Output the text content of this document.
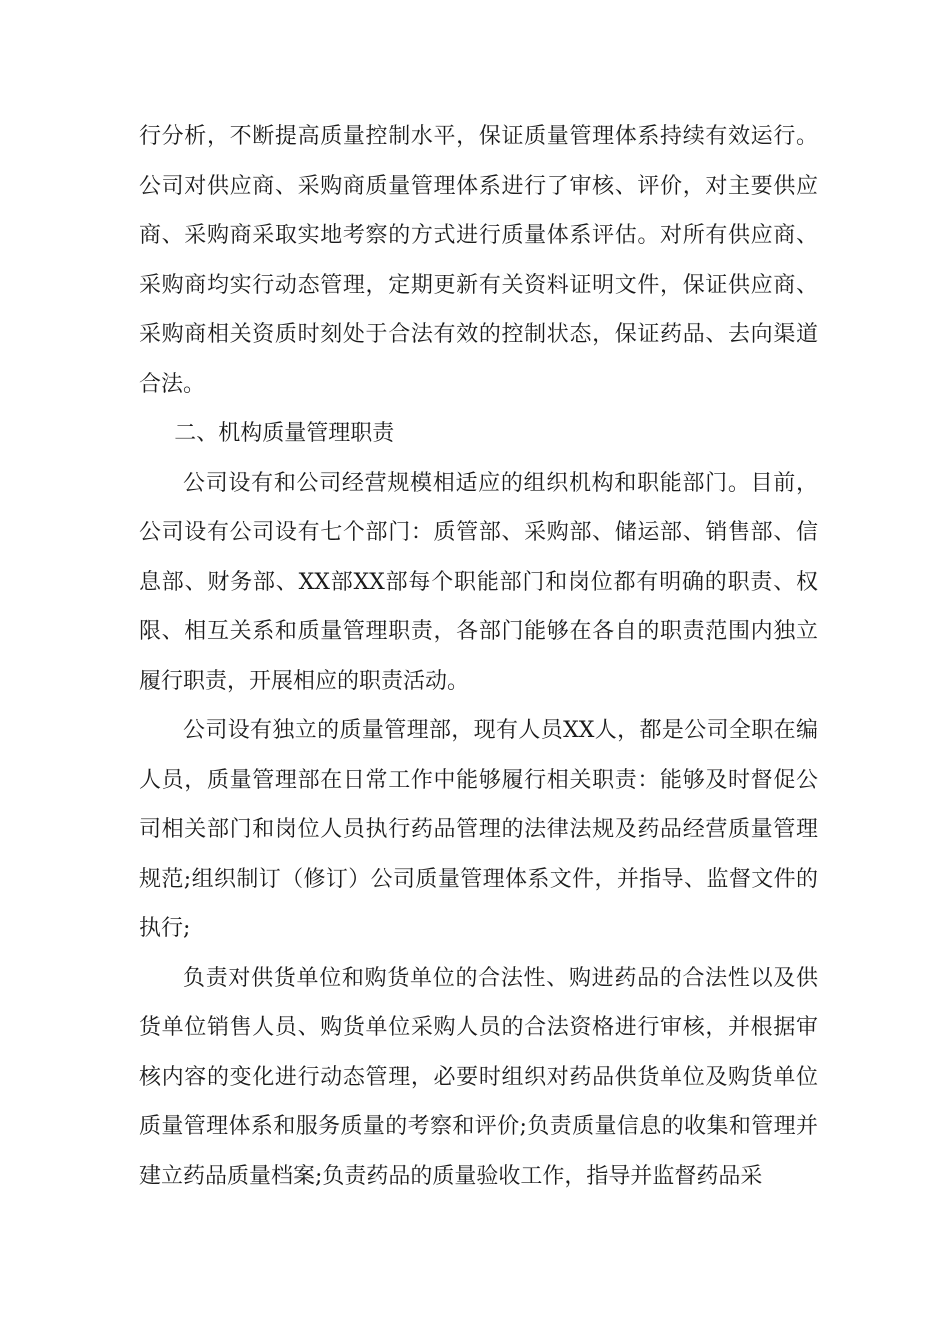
行分析，不断提高质量控制水平，保证质量管理体系持续有效运行。公司对供应商、采购商质量管理体系进行了审核、评价，对主要供应商、采购商采取实地考察的方式进行质量体系评估。对所有供应商、采购商均实行动态管理，定期更新有关资料证明文件，保证供应商、采购商相关资质时刻处于合法有效的控制状态，保证药品、去向渠道合法。

二、机构质量管理职责

公司设有和公司经营规模相适应的组织机构和职能部门。目前，公司设有公司设有七个部门：质管部、采购部、储运部、销售部、信息部、财务部、XX部XX部每个职能部门和岗位都有明确的职责、权限、相互关系和质量管理职责，各部门能够在各自的职责范围内独立履行职责，开展相应的职责活动。

公司设有独立的质量管理部，现有人员XX人，都是公司全职在编人员，质量管理部在日常工作中能够履行相关职责：能够及时督促公司相关部门和岗位人员执行药品管理的法律法规及药品经营质量管理规范;组织制订（修订）公司质量管理体系文件，并指导、监督文件的执行;

负责对供货单位和购货单位的合法性、购进药品的合法性以及供货单位销售人员、购货单位采购人员的合法资格进行审核，并根据审核内容的变化进行动态管理，必要时组织对药品供货单位及购货单位质量管理体系和服务质量的考察和评价;负责质量信息的收集和管理并建立药品质量档案;负责药品的质量验收工作，指导并监督药品采
